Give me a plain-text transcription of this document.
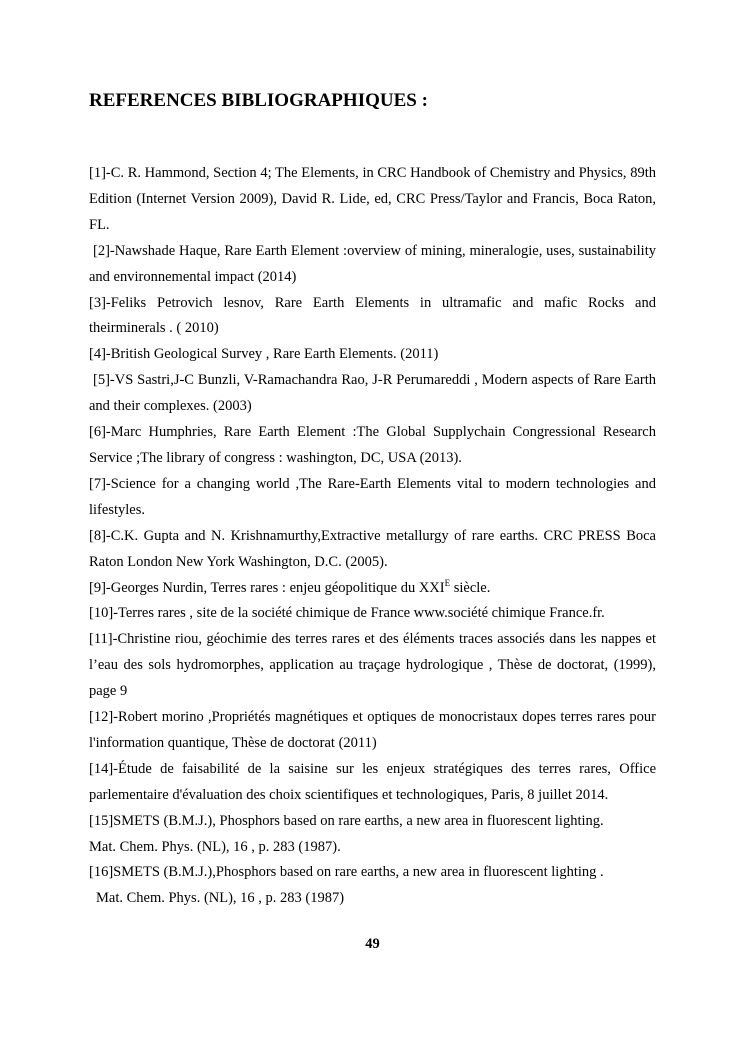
REFERENCES BIBLIOGRAPHIQUES :

[1]-C. R. Hammond, Section 4; The Elements, in CRC Handbook of Chemistry and Physics, 89th Edition (Internet Version 2009), David R. Lide, ed, CRC Press/Taylor and Francis, Boca Raton, FL.

[2]-Nawshade Haque, Rare Earth Element :overview of mining, mineralogie, uses, sustainability and environnemental impact (2014)

[3]-Feliks Petrovich lesnov, Rare Earth Elements in ultramafic and mafic Rocks and theirminerals . ( 2010)

[4]-British Geological Survey , Rare Earth Elements. (2011)

[5]-VS Sastri,J-C Bunzli, V-Ramachandra Rao, J-R Perumareddi , Modern aspects of Rare Earth and their complexes. (2003)

[6]-Marc Humphries, Rare Earth Element :The Global Supplychain Congressional Research Service ;The library of congress : washington, DC, USA (2013).

[7]-Science for a changing world ,The Rare-Earth Elements vital to modern technologies and lifestyles.

[8]-C.K. Gupta and N. Krishnamurthy,Extractive metallurgy of rare earths. CRC PRESS Boca Raton London New York Washington, D.C. (2005).

[9]-Georges Nurdin, Terres rares : enjeu géopolitique du $XXI^E$ siècle.

[10]-Terres rares , site de la société chimique de France www.société chimique France.fr.

[11]-Christine riou, géochimie des terres rares et des éléments traces associés dans les nappes et l’eau des sols hydromorphes, application au traçage hydrologique , Thèse de doctorat, (1999), page 9

[12]-Robert morino ,Propriétés magnétiques et optiques de monocristaux dopes terres rares pour l'information quantique, Thèse de doctorat (2011)

[14]-Étude de faisabilité de la saisine sur les enjeux stratégiques des terres rares, Office parlementaire d'évaluation des choix scientifiques et technologiques, Paris, 8 juillet 2014.

[15]SMETS (B.M.J.), Phosphors based on rare earths, a new area in fluorescent lighting.

Mat. Chem. Phys. (NL), 16 , p. 283 (1987).

[16]SMETS (B.M.J.),Phosphors based on rare earths, a new area in fluorescent lighting .

Mat. Chem. Phys. (NL), 16 , p. 283 (1987)

49
